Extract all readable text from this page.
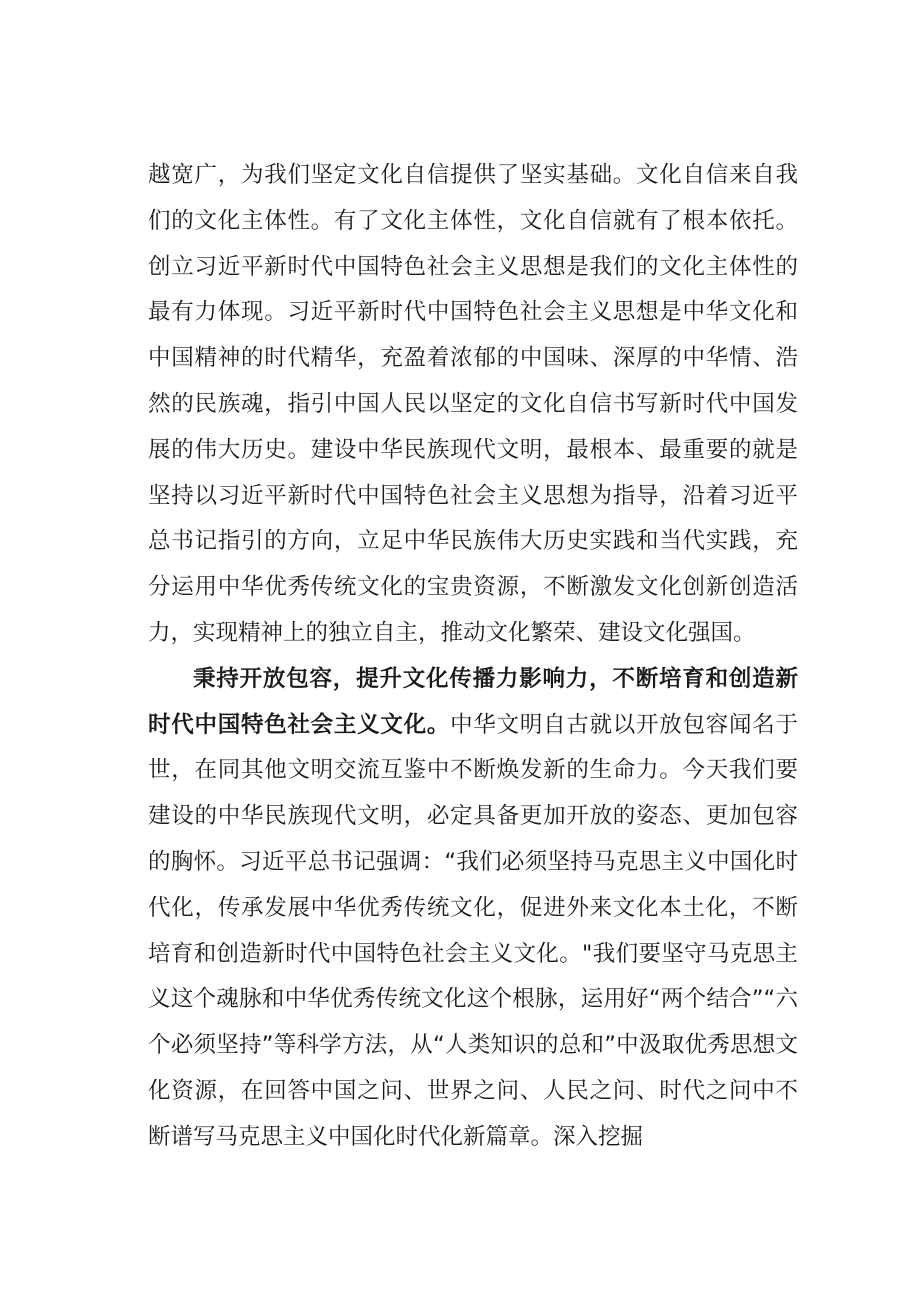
越宽广，为我们坚定文化自信提供了坚实基础。文化自信来自我们的文化主体性。有了文化主体性，文化自信就有了根本依托。创立习近平新时代中国特色社会主义思想是我们的文化主体性的最有力体现。习近平新时代中国特色社会主义思想是中华文化和中国精神的时代精华，充盈着浓郁的中国味、深厚的中华情、浩然的民族魂，指引中国人民以坚定的文化自信书写新时代中国发展的伟大历史。建设中华民族现代文明，最根本、最重要的就是坚持以习近平新时代中国特色社会主义思想为指导，沿着习近平总书记指引的方向，立足中华民族伟大历史实践和当代实践，充分运用中华优秀传统文化的宝贵资源，不断激发文化创新创造活力，实现精神上的独立自主，推动文化繁荣、建设文化强国。

秉持开放包容，提升文化传播力影响力，不断培育和创造新时代中国特色社会主义文化。中华文明自古就以开放包容闻名于世，在同其他文明交流互鉴中不断焕发新的生命力。今天我们要建设的中华民族现代文明，必定具备更加开放的姿态、更加包容的胸怀。习近平总书记强调：“我们必须坚持马克思主义中国化时代化，传承发展中华优秀传统文化，促进外来文化本土化，不断培育和创造新时代中国特色社会主义文化。"我们要坚守马克思主义这个魂脉和中华优秀传统文化这个根脉，运用好“两个结合”“六个必须坚持”等科学方法，从“人类知识的总和”中汲取优秀思想文化资源，在回答中国之问、世界之问、人民之问、时代之问中不断谱写马克思主义中国化时代化新篇章。深入挖掘
